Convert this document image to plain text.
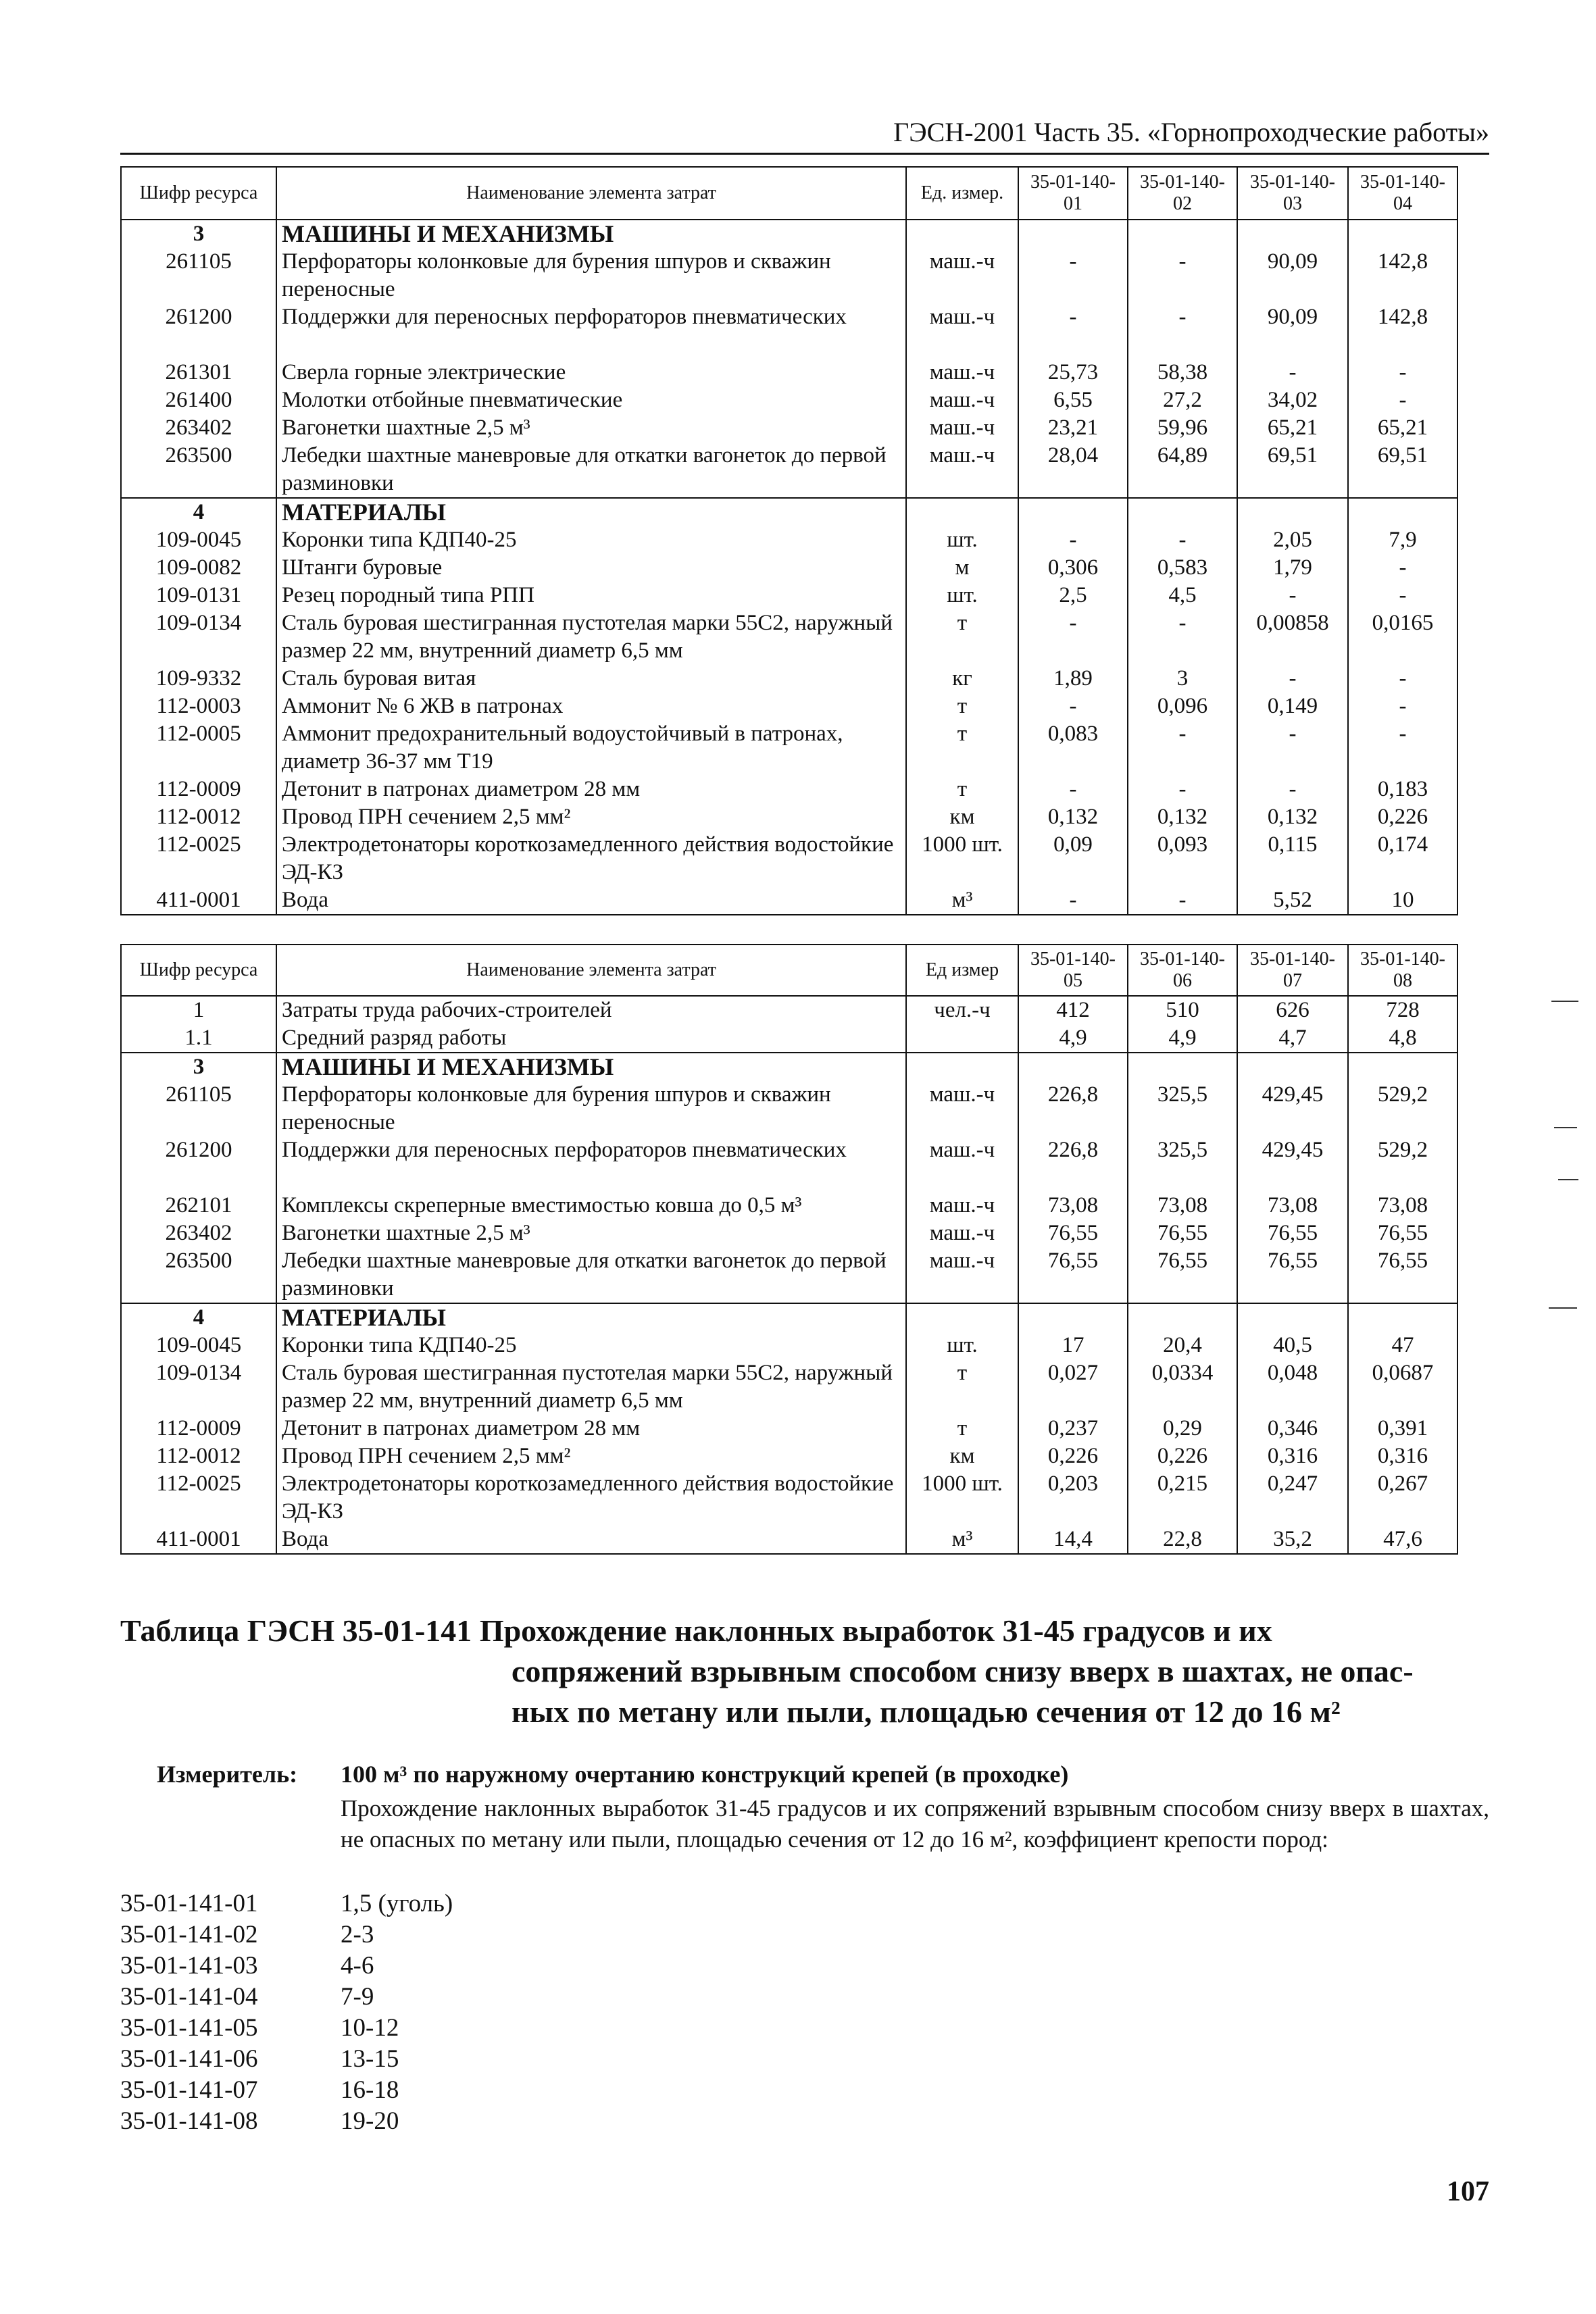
ГЭСН-2001 Часть 35. «Горнопроходческие работы»
Шифр ресурса	Наименование элемента затрат	Ед. измер.	35-01-140-01	35-01-140-02	35-01-140-03	35-01-140-04
3	МАШИНЫ И МЕХАНИЗМЫ					
261105	Перфораторы колонковые для бурения шпуров и скважин переносные	маш.-ч	-	-	90,09	142,8
261200	Поддержки для переносных перфораторов пневматических	маш.-ч	-	-	90,09	142,8
261301	Сверла горные электрические	маш.-ч	25,73	58,38	-	-
261400	Молотки отбойные пневматические	маш.-ч	6,55	27,2	34,02	-
263402	Вагонетки шахтные 2,5 м³	маш.-ч	23,21	59,96	65,21	65,21
263500	Лебедки шахтные маневровые для откатки вагонеток до первой разминовки	маш.-ч	28,04	64,89	69,51	69,51
4	МАТЕРИАЛЫ					
109-0045	Коронки типа КДП40-25	шт.	-	-	2,05	7,9
109-0082	Штанги буровые	м	0,306	0,583	1,79	-
109-0131	Резец породный типа РПП	шт.	2,5	4,5	-	-
109-0134	Сталь буровая шестигранная пустотелая марки 55С2, наружный размер 22 мм, внутренний диаметр 6,5 мм	т	-	-	0,00858	0,0165
109-9332	Сталь буровая витая	кг	1,89	3	-	-
112-0003	Аммонит № 6 ЖВ в патронах	т	-	0,096	0,149	-
112-0005	Аммонит предохранительный водоустойчивый в патронах, диаметр 36-37 мм Т19	т	0,083	-	-	-
112-0009	Детонит в патронах диаметром 28 мм	т	-	-	-	0,183
112-0012	Провод ПРН сечением 2,5 мм²	км	0,132	0,132	0,132	0,226
112-0025	Электродетонаторы короткозамедленного действия водостойкие ЭД-КЗ	1000 шт.	0,09	0,093	0,115	0,174
411-0001	Вода	м³	-	-	5,52	10
Шифр ресурса	Наименование элемента затрат	Ед измер	35-01-140-05	35-01-140-06	35-01-140-07	35-01-140-08
1	Затраты труда рабочих-строителей	чел.-ч	412	510	626	728
1.1	Средний разряд работы		4,9	4,9	4,7	4,8
3	МАШИНЫ И МЕХАНИЗМЫ					
261105	Перфораторы колонковые для бурения шпуров и скважин переносные	маш.-ч	226,8	325,5	429,45	529,2
261200	Поддержки для переносных перфораторов пневматических	маш.-ч	226,8	325,5	429,45	529,2
262101	Комплексы скреперные вместимостью ковша до 0,5 м³	маш.-ч	73,08	73,08	73,08	73,08
263402	Вагонетки шахтные 2,5 м³	маш.-ч	76,55	76,55	76,55	76,55
263500	Лебедки шахтные маневровые для откатки вагонеток до первой разминовки	маш.-ч	76,55	76,55	76,55	76,55
4	МАТЕРИАЛЫ					
109-0045	Коронки типа КДП40-25	шт.	17	20,4	40,5	47
109-0134	Сталь буровая шестигранная пустотелая марки 55С2, наружный размер 22 мм, внутренний диаметр 6,5 мм	т	0,027	0,0334	0,048	0,0687
112-0009	Детонит в патронах диаметром 28 мм	т	0,237	0,29	0,346	0,391
112-0012	Провод ПРН сечением 2,5 мм²	км	0,226	0,226	0,316	0,316
112-0025	Электродетонаторы короткозамедленного действия водостойкие ЭД-КЗ	1000 шт.	0,203	0,215	0,247	0,267
411-0001	Вода	м³	14,4	22,8	35,2	47,6
Таблица ГЭСН 35-01-141 Прохождение наклонных выработок 31-45 градусов и их
сопряжений взрывным способом снизу вверх в шахтах, не опас-
ных по метану или пыли, площадью сечения от 12 до 16 м²
Измеритель: 100 м³ по наружному очертанию конструкций крепей (в проходке)
Прохождение наклонных выработок 31-45 градусов и их сопряжений взрывным способом снизу вверх в шахтах, не опасных по метану или пыли, площадью сечения от 12 до 16 м², коэффициент крепости пород:
35-01-141-01	1,5 (уголь)
35-01-141-02	2-3
35-01-141-03	4-6
35-01-141-04	7-9
35-01-141-05	10-12
35-01-141-06	13-15
35-01-141-07	16-18
35-01-141-08	19-20
107
